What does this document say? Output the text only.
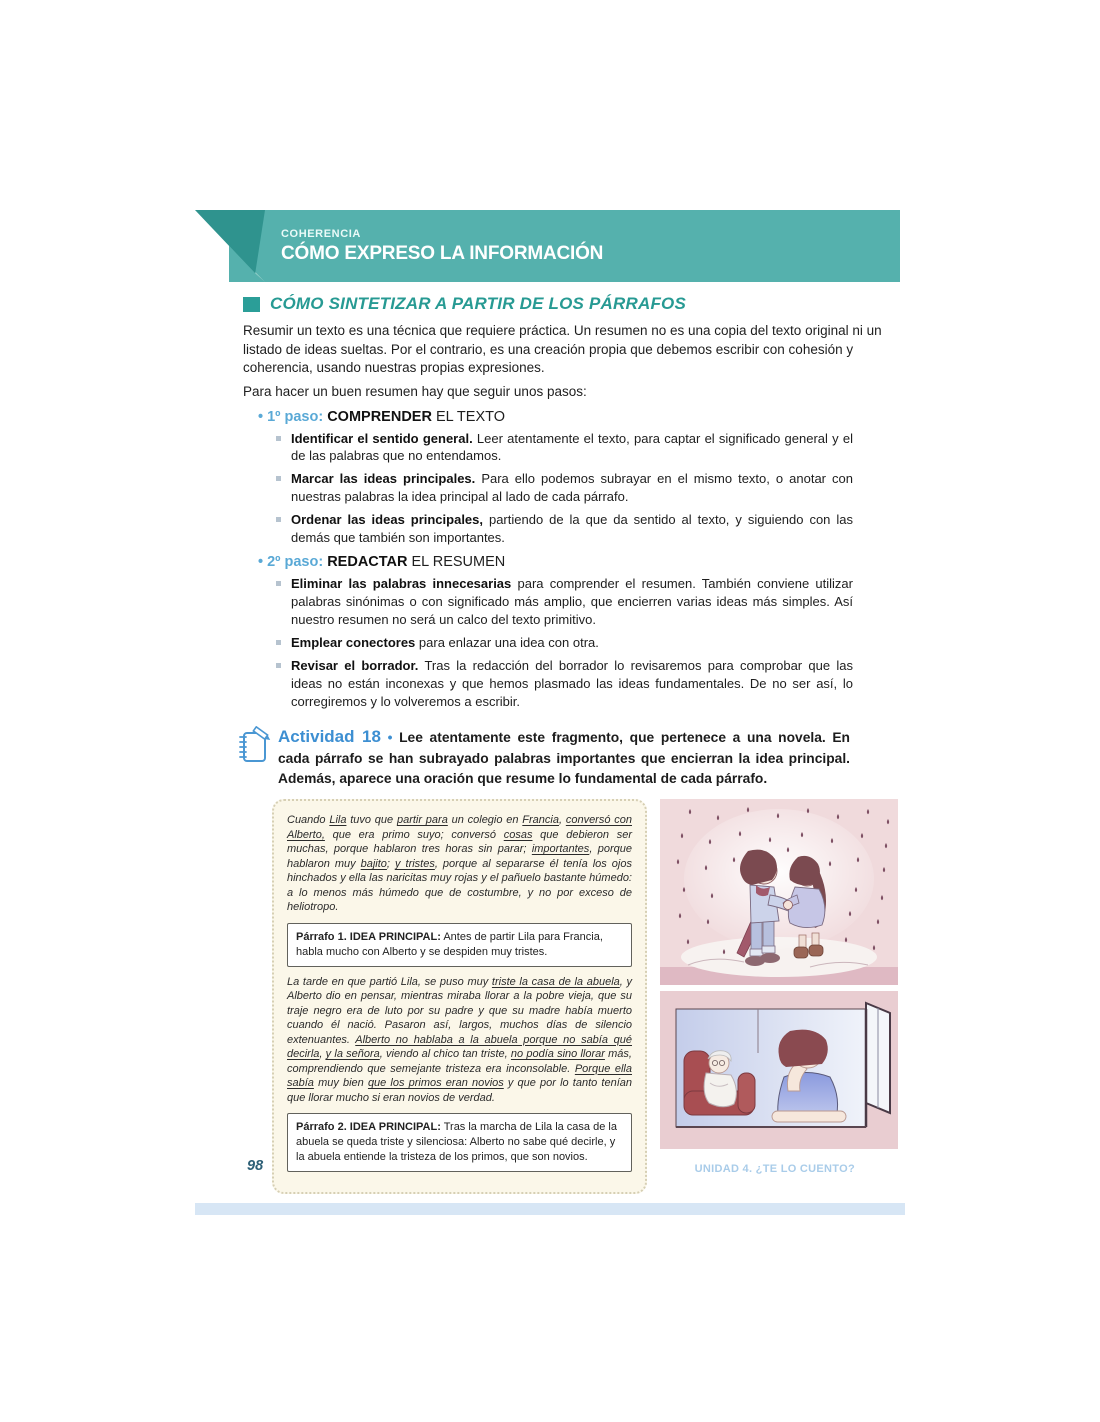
COHERENCIA
CÓMO EXPRESO LA INFORMACIÓN
CÓMO SINTETIZAR A PARTIR DE LOS PÁRRAFOS
Resumir un texto es una técnica que requiere práctica. Un resumen no es una copia del texto original ni un listado de ideas sueltas. Por el contrario, es una creación propia que debemos escribir con cohesión y coherencia, usando nuestras propias expresiones.
Para hacer un buen resumen hay que seguir unos pasos:
• 1º paso: COMPRENDER EL TEXTO
Identificar el sentido general. Leer atentamente el texto, para captar el significado general y el de las palabras que no entendamos.
Marcar las ideas principales. Para ello podemos subrayar en el mismo texto, o anotar con nuestras palabras la idea principal al lado de cada párrafo.
Ordenar las ideas principales, partiendo de la que da sentido al texto, y siguiendo con las demás que también son importantes.
• 2º paso: REDACTAR EL RESUMEN
Eliminar las palabras innecesarias para comprender el resumen. También conviene utilizar palabras sinónimas o con significado más amplio, que encierren varias ideas más simples. Así nuestro resumen no será un calco del texto primitivo.
Emplear conectores para enlazar una idea con otra.
Revisar el borrador. Tras la redacción del borrador lo revisaremos para comprobar que las ideas no están inconexas y que hemos plasmado las ideas fundamentales. De no ser así, lo corregiremos y lo volveremos a escribir.
Actividad 18 • Lee atentamente este fragmento, que pertenece a una novela. En cada párrafo se han subrayado palabras importantes que encierran la idea principal. Además, aparece una oración que resume lo fundamental de cada párrafo.

Cuando Lila tuvo que partir para un colegio en Francia, conversó con Alberto, que era primo suyo; conversó cosas que debieron ser muchas, porque hablaron tres horas sin parar; importantes, porque hablaron muy bajito; y tristes, porque al separarse él tenía los ojos hinchados y ella las naricitas muy rojas y el pañuelo bastante húmedo: a lo menos más húmedo que de costumbre, y no por exceso de heliotropo.

Párrafo 1. IDEA PRINCIPAL: Antes de partir Lila para Francia, habla mucho con Alberto y se despiden muy tristes.

La tarde en que partió Lila, se puso muy triste la casa de la abuela, y Alberto dio en pensar, mientras miraba llorar a la pobre vieja, que su traje negro era de luto por su padre y que su madre había muerto cuando él nació. Pasaron así, largos, muchos días de silencio extenuantes. Alberto no hablaba a la abuela porque no sabía qué decirla, y la señora, viendo al chico tan triste, no podía sino llorar más, comprendiendo que semejante tristeza era inconsolable. Porque ella sabía muy bien que los primos eran novios y que por lo tanto tenían que llorar mucho si eran novios de verdad.

Párrafo 2. IDEA PRINCIPAL: Tras la marcha de Lila la casa de la abuela se queda triste y silenciosa: Alberto no sabe qué decirle, y la abuela entiende la tristeza de los primos, que son novios.
98	UNIDAD 4. ¿TE LO CUENTO?
